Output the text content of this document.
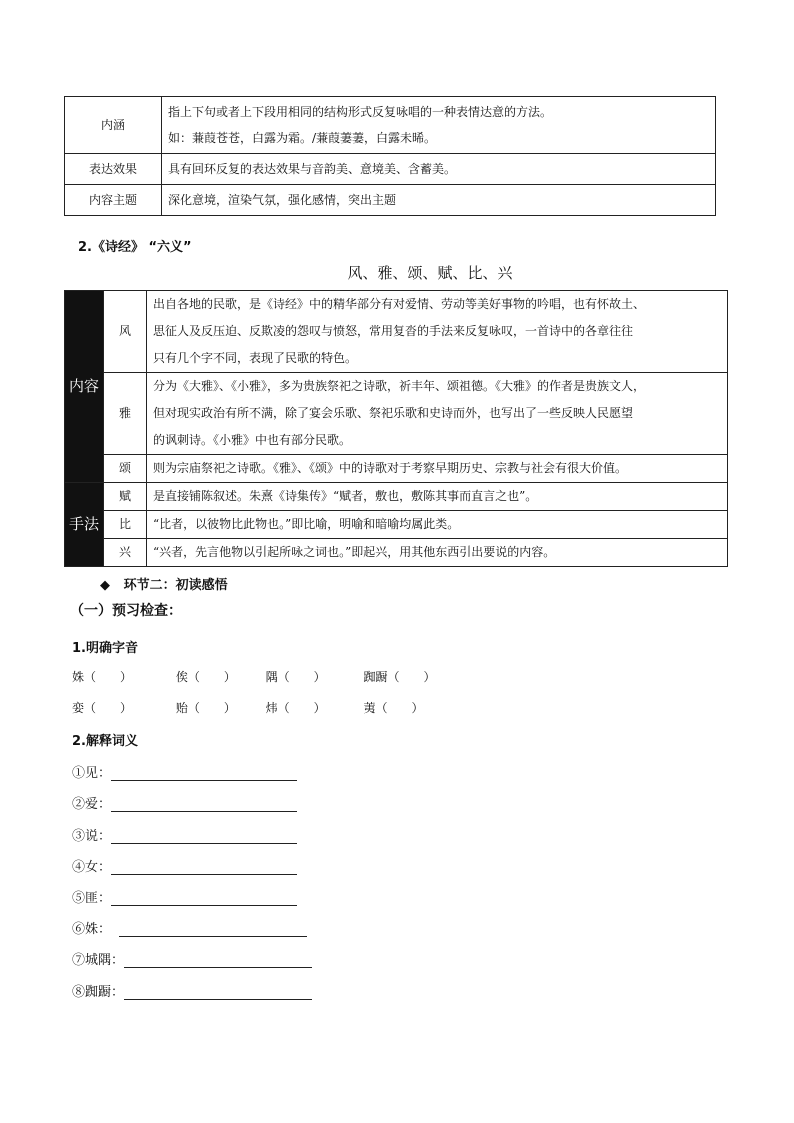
内涵	指上下句或者上下段用相同的结构形式反复咏唱的一种表情达意的方法。
如：蒹葭苍苍，白露为霜。/蒹葭萋萋，白露未晞。

表达效果	具有回环反复的表达效果与音韵美、意境美、含蓄美。
内容主题	深化意境，渲染气氛，强化感情，突出主题
2.《诗经》 “六义”
风、雅、颂、赋、比、兴
内容	风	出自各地的民歌，是《诗经》中的精华部分有对爱情、劳动等美好事物的吟唱，也有怀故土、
思征人及反压迫、反欺凌的怨叹与愤怒，常用复沓的手法来反复咏叹，一首诗中的各章往往
只有几个字不同，表现了民歌的特色。

	雅	分为《大雅》、《小雅》，多为贵族祭祀之诗歌，祈丰年、颂祖德。《大雅》的作者是贵族文人，
但对现实政治有所不满，除了宴会乐歌、祭祀乐歌和史诗而外，也写出了一些反映人民愿望
的讽刺诗。《小雅》中也有部分民歌。

	颂	则为宗庙祭祀之诗歌。《雅》、《颂》中的诗歌对于考察早期历史、宗教与社会有很大价值。
手法	赋	是直接铺陈叙述。朱熹《诗集传》“赋者，敷也，敷陈其事而直言之也”。
	比	“比者，以彼物比此物也。”即比喻，明喻和暗喻均属此类。
	兴	“兴者，先言他物以引起所咏之词也。”即起兴，用其他东西引出要说的内容。
◆ 环节二：初读感悟
（一）预习检查：
1.明确字音
姝（　　）	俟（　　） 隅（　　）	踟蹰（　　）
娈（　　）	贻（　　） 炜（　　）	荑（　　）
2.解释词义
①见：
②爱：
③说：
④女：
⑤匪：
⑥姝：
⑦城隅：
⑧踟蹰：
